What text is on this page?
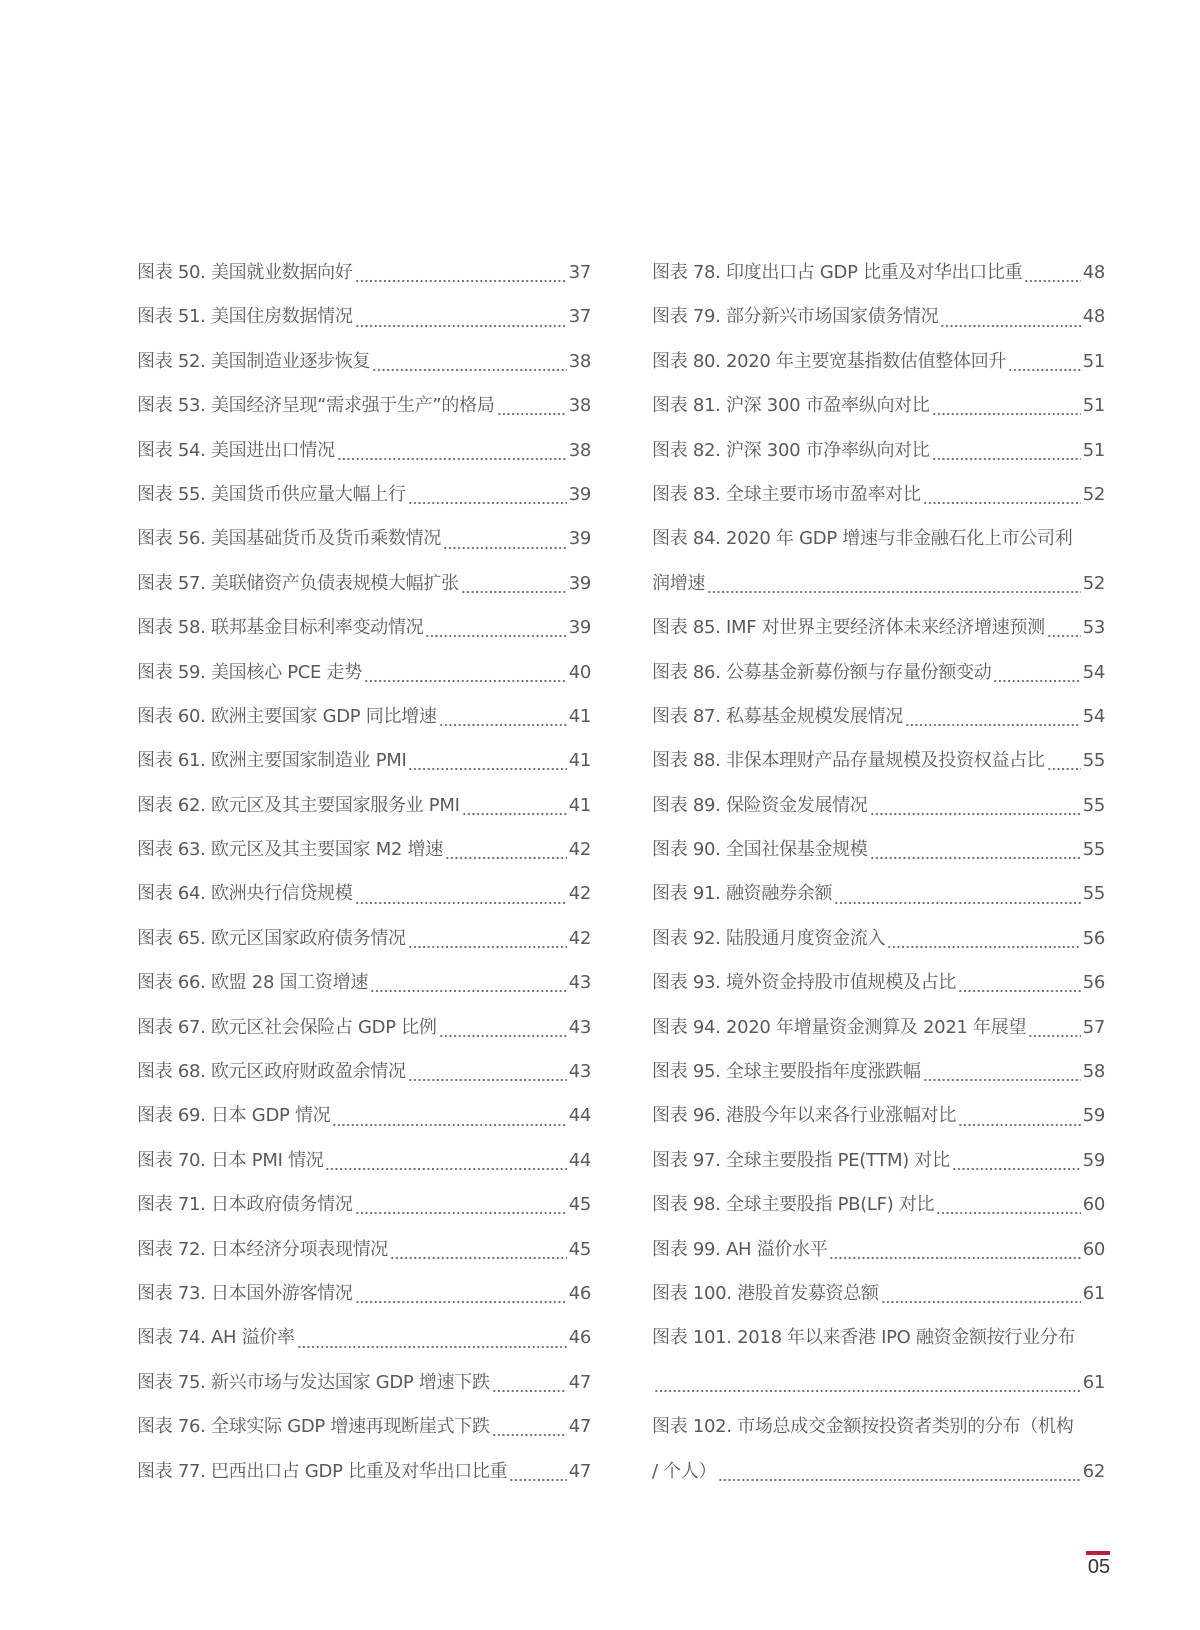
图表 50. 美国就业数据向好	37
图表 51. 美国住房数据情况	37
图表 52. 美国制造业逐步恢复	38
图表 53. 美国经济呈现“需求强于生产”的格局	38
图表 54. 美国进出口情况	38
图表 55. 美国货币供应量大幅上行	39
图表 56. 美国基础货币及货币乘数情况	39
图表 57. 美联储资产负债表规模大幅扩张	39
图表 58. 联邦基金目标利率变动情况	39
图表 59. 美国核心 PCE 走势	40
图表 60. 欧洲主要国家 GDP 同比增速	41
图表 61. 欧洲主要国家制造业 PMI	41
图表 62. 欧元区及其主要国家服务业 PMI	41
图表 63. 欧元区及其主要国家 M2 增速	42
图表 64. 欧洲央行信贷规模	42
图表 65. 欧元区国家政府债务情况	42
图表 66. 欧盟 28 国工资增速	43
图表 67. 欧元区社会保险占 GDP 比例	43
图表 68. 欧元区政府财政盈余情况	43
图表 69. 日本 GDP 情况	44
图表 70. 日本 PMI 情况	44
图表 71. 日本政府债务情况	45
图表 72. 日本经济分项表现情况	45
图表 73. 日本国外游客情况	46
图表 74. AH 溢价率	46
图表 75. 新兴市场与发达国家 GDP 增速下跌	47
图表 76. 全球实际 GDP 增速再现断崖式下跌	47
图表 77. 巴西出口占 GDP 比重及对华出口比重	47
图表 78. 印度出口占 GDP 比重及对华出口比重	48
图表 79. 部分新兴市场国家债务情况	48
图表 80. 2020 年主要宽基指数估值整体回升	51
图表 81. 沪深 300 市盈率纵向对比	51
图表 82. 沪深 300 市净率纵向对比	51
图表 83. 全球主要市场市盈率对比	52
图表 84. 2020 年 GDP 增速与非金融石化上市公司利
润增速	52
图表 85. IMF 对世界主要经济体未来经济增速预测 53
图表 86. 公募基金新募份额与存量份额变动	54
图表 87. 私募基金规模发展情况	54
图表 88. 非保本理财产品存量规模及投资权益占比 55
图表 89. 保险资金发展情况	55
图表 90. 全国社保基金规模	55
图表 91. 融资融券余额	55
图表 92. 陆股通月度资金流入	56
图表 93. 境外资金持股市值规模及占比	56
图表 94. 2020 年增量资金测算及 2021 年展望	57
图表 95. 全球主要股指年度涨跌幅	58
图表 96. 港股今年以来各行业涨幅对比	59
图表 97. 全球主要股指 PE(TTM) 对比	59
图表 98. 全球主要股指 PB(LF) 对比	60
图表 99. AH 溢价水平	60
图表 100. 港股首发募资总额	61
图表 101. 2018 年以来香港 IPO 融资金额按行业分布
61
图表 102. 市场总成交金额按投资者类别的分布（机构
/ 个人）	62
05
